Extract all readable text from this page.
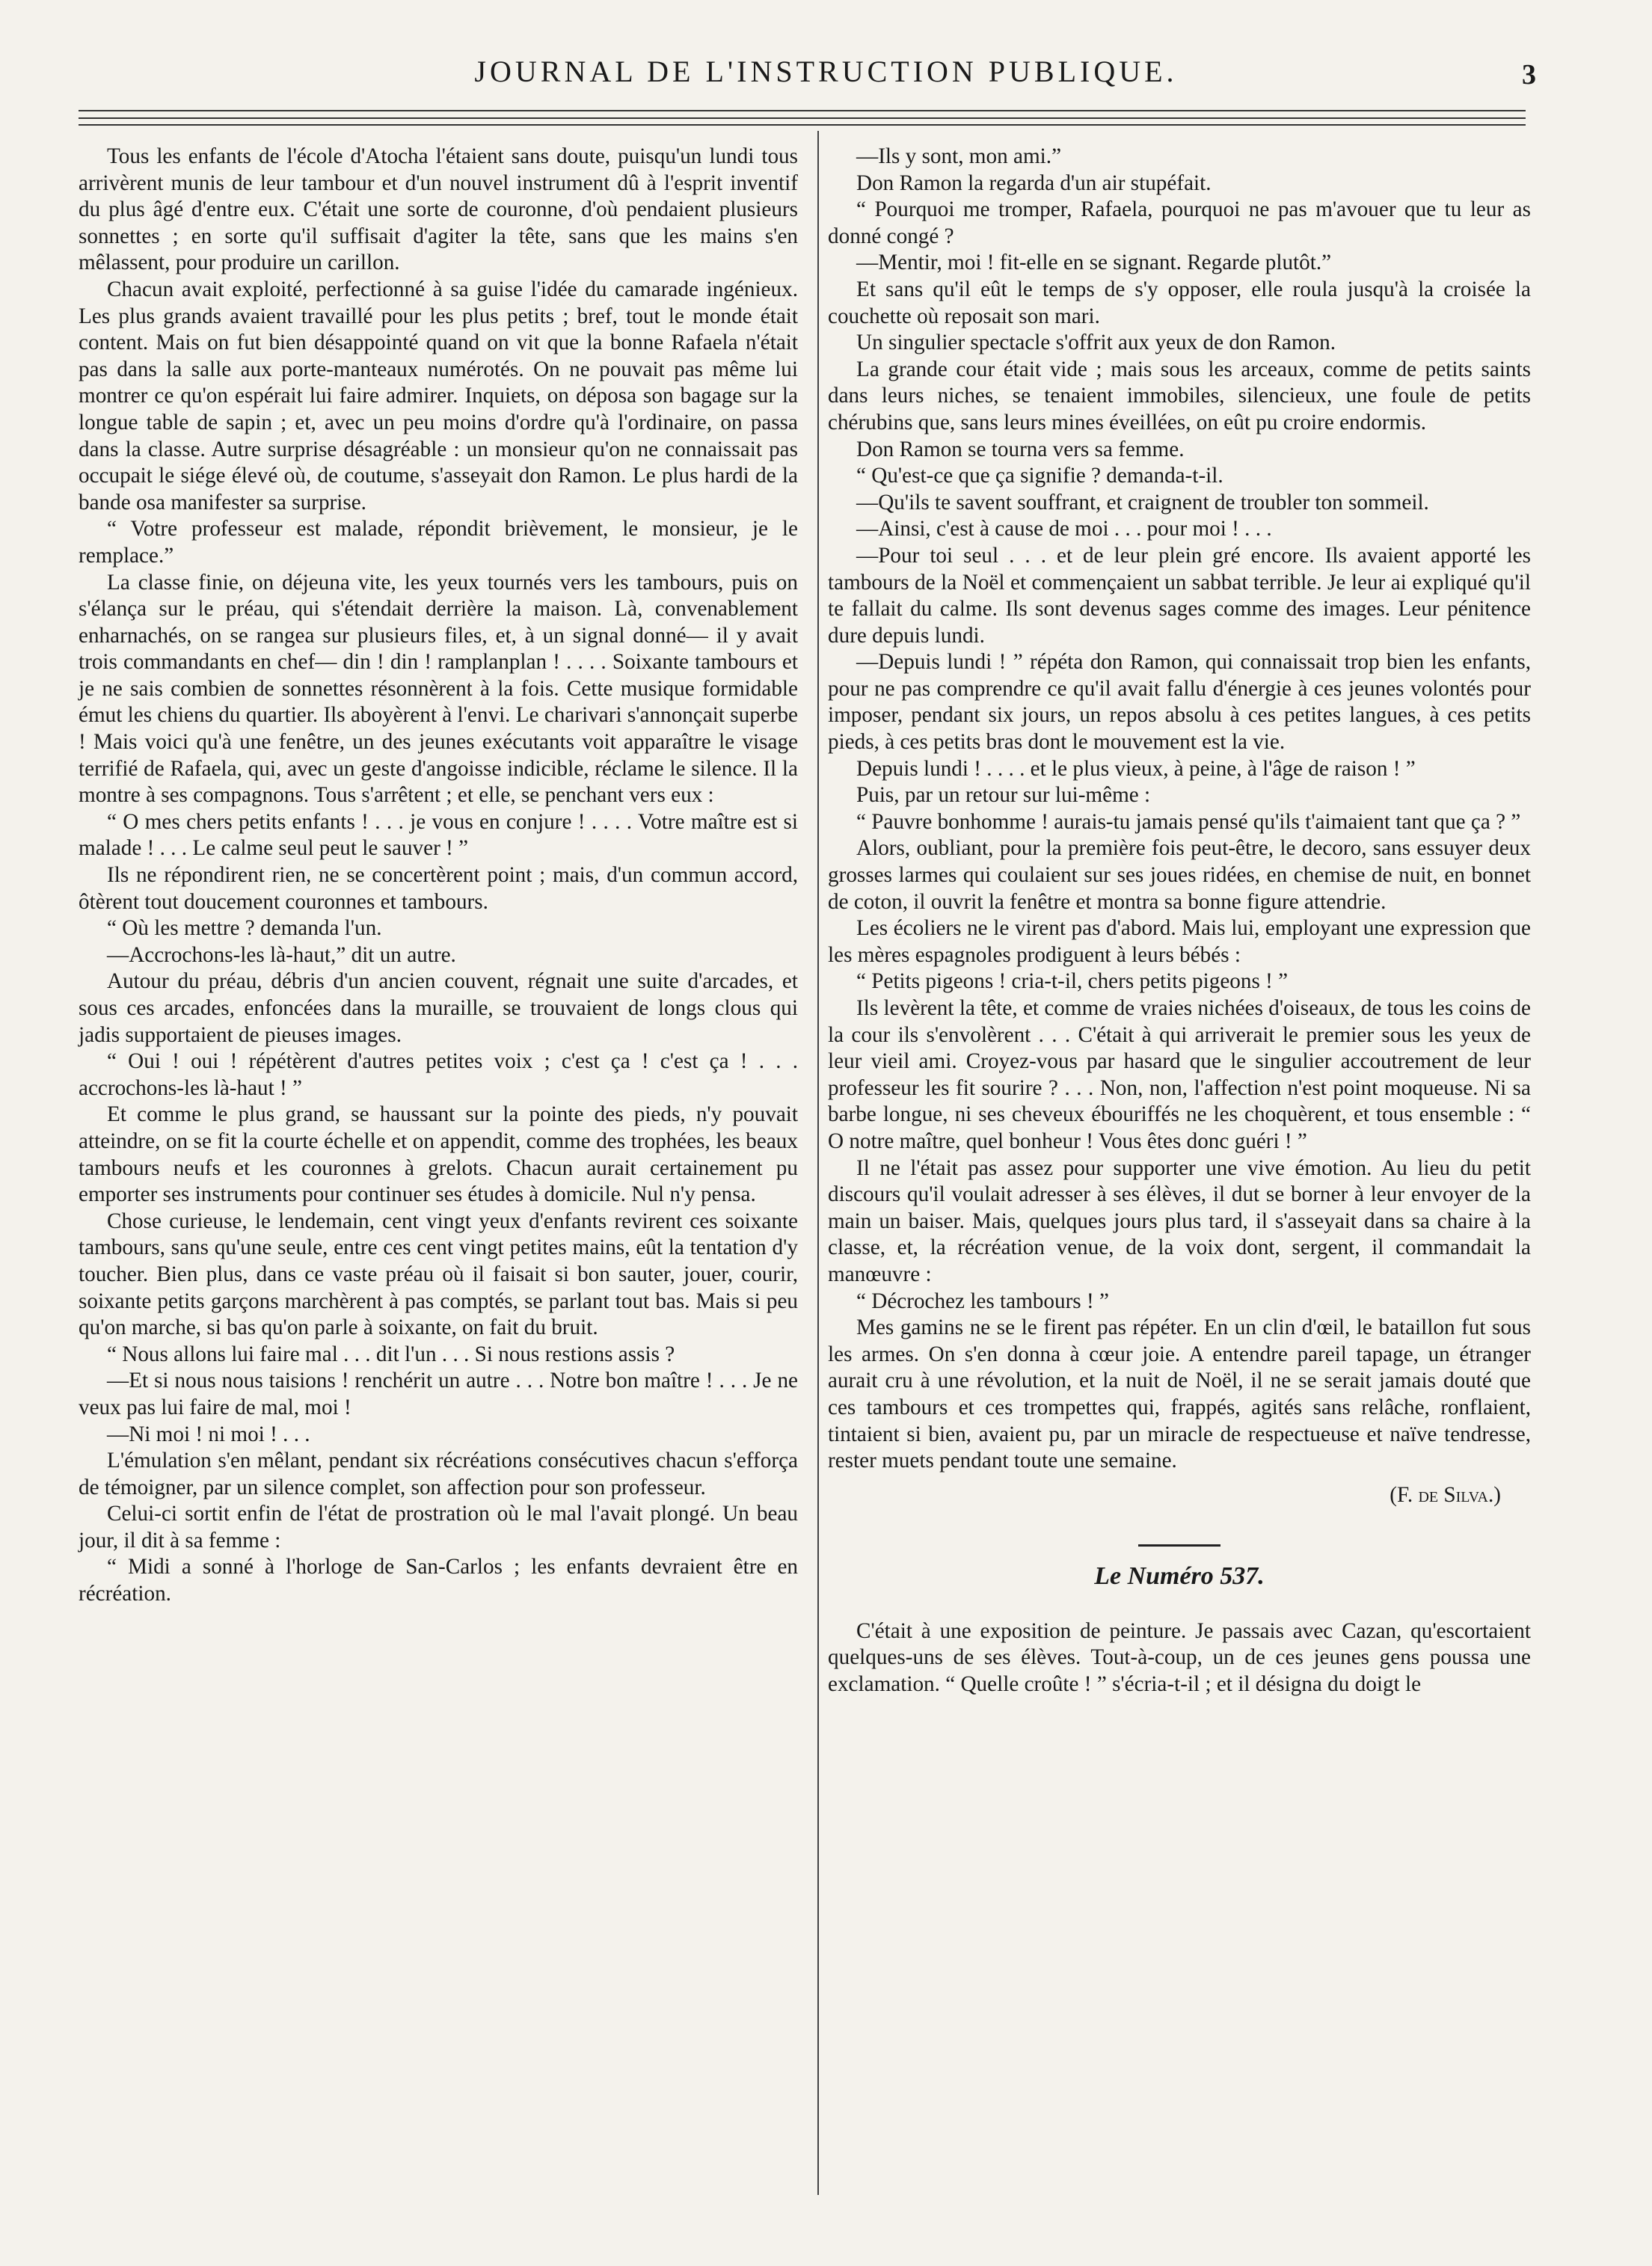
JOURNAL DE L'INSTRUCTION PUBLIQUE.	3

Tous les enfants de l'école d'Atocha l'étaient sans doute, puisqu'un lundi tous arrivèrent munis de leur tambour et d'un nouvel instrument dû à l'esprit inventif du plus âgé d'entre eux. C'était une sorte de couronne, d'où pendaient plusieurs sonnettes ; en sorte qu'il suffisait d'agiter la tête, sans que les mains s'en mêlassent, pour produire un carillon.

Chacun avait exploité, perfectionné à sa guise l'idée du camarade ingénieux. Les plus grands avaient travaillé pour les plus petits ; bref, tout le monde était content. Mais on fut bien désappointé quand on vit que la bonne Rafaela n'était pas dans la salle aux porte-manteaux numérotés. On ne pouvait pas même lui montrer ce qu'on espérait lui faire admirer. Inquiets, on déposa son bagage sur la longue table de sapin ; et, avec un peu moins d'ordre qu'à l'ordinaire, on passa dans la classe. Autre surprise désagréable : un monsieur qu'on ne connaissait pas occupait le siége élevé où, de coutume, s'asseyait don Ramon. Le plus hardi de la bande osa manifester sa surprise.

“ Votre professeur est malade, répondit brièvement, le monsieur, je le remplace.”

La classe finie, on déjeuna vite, les yeux tournés vers les tambours, puis on s'élança sur le préau, qui s'étendait derrière la maison. Là, convenablement enharnachés, on se rangea sur plusieurs files, et, à un signal donné— il y avait trois commandants en chef— din ! din ! ramplanplan ! . . . . Soixante tambours et je ne sais combien de sonnettes résonnèrent à la fois. Cette musique formidable émut les chiens du quartier. Ils aboyèrent à l'envi. Le charivari s'annonçait superbe ! Mais voici qu'à une fenêtre, un des jeunes exécutants voit apparaître le visage terrifié de Rafaela, qui, avec un geste d'angoisse indicible, réclame le silence. Il la montre à ses compagnons. Tous s'arrêtent ; et elle, se penchant vers eux :

“ O mes chers petits enfants ! . . . je vous en conjure ! . . . . Votre maître est si malade ! . . . Le calme seul peut le sauver ! ”

Ils ne répondirent rien, ne se concertèrent point ; mais, d'un commun accord, ôtèrent tout doucement couronnes et tambours.

“ Où les mettre ? demanda l'un.

—Accrochons-les là-haut,” dit un autre.

Autour du préau, débris d'un ancien couvent, régnait une suite d'arcades, et sous ces arcades, enfoncées dans la muraille, se trouvaient de longs clous qui jadis supportaient de pieuses images.

“ Oui ! oui ! répétèrent d'autres petites voix ; c'est ça ! c'est ça ! . . . accrochons-les là-haut ! ”

Et comme le plus grand, se haussant sur la pointe des pieds, n'y pouvait atteindre, on se fit la courte échelle et on appendit, comme des trophées, les beaux tambours neufs et les couronnes à grelots. Chacun aurait certainement pu emporter ses instruments pour continuer ses études à domicile. Nul n'y pensa.

Chose curieuse, le lendemain, cent vingt yeux d'enfants revirent ces soixante tambours, sans qu'une seule, entre ces cent vingt petites mains, eût la tentation d'y toucher. Bien plus, dans ce vaste préau où il faisait si bon sauter, jouer, courir, soixante petits garçons marchèrent à pas comptés, se parlant tout bas. Mais si peu qu'on marche, si bas qu'on parle à soixante, on fait du bruit.

“ Nous allons lui faire mal . . . dit l'un . . . Si nous restions assis ?

—Et si nous nous taisions ! renchérit un autre . . . Notre bon maître ! . . . Je ne veux pas lui faire de mal, moi !

—Ni moi ! ni moi ! . . .

L'émulation s'en mêlant, pendant six récréations consécutives chacun s'efforça de témoigner, par un silence complet, son affection pour son professeur.

Celui-ci sortit enfin de l'état de prostration où le mal l'avait plongé. Un beau jour, il dit à sa femme :

“ Midi a sonné à l'horloge de San-Carlos ; les enfants devraient être en récréation.

—Ils y sont, mon ami.”

Don Ramon la regarda d'un air stupéfait.

“ Pourquoi me tromper, Rafaela, pourquoi ne pas m'avouer que tu leur as donné congé ?

—Mentir, moi ! fit-elle en se signant. Regarde plutôt.”

Et sans qu'il eût le temps de s'y opposer, elle roula jusqu'à la croisée la couchette où reposait son mari.

Un singulier spectacle s'offrit aux yeux de don Ramon.

La grande cour était vide ; mais sous les arceaux, comme de petits saints dans leurs niches, se tenaient immobiles, silencieux, une foule de petits chérubins que, sans leurs mines éveillées, on eût pu croire endormis.

Don Ramon se tourna vers sa femme.

“ Qu'est-ce que ça signifie ? demanda-t-il.

—Qu'ils te savent souffrant, et craignent de troubler ton sommeil.

—Ainsi, c'est à cause de moi . . . pour moi ! . . .

—Pour toi seul . . . et de leur plein gré encore. Ils avaient apporté les tambours de la Noël et commençaient un sabbat terrible. Je leur ai expliqué qu'il te fallait du calme. Ils sont devenus sages comme des images. Leur pénitence dure depuis lundi.

—Depuis lundi ! ” répéta don Ramon, qui connaissait trop bien les enfants, pour ne pas comprendre ce qu'il avait fallu d'énergie à ces jeunes volontés pour imposer, pendant six jours, un repos absolu à ces petites langues, à ces petits pieds, à ces petits bras dont le mouvement est la vie.

Depuis lundi ! . . . . et le plus vieux, à peine, à l'âge de raison ! ”

Puis, par un retour sur lui-même :

“ Pauvre bonhomme ! aurais-tu jamais pensé qu'ils t'aimaient tant que ça ? ”

Alors, oubliant, pour la première fois peut-être, le decoro, sans essuyer deux grosses larmes qui coulaient sur ses joues ridées, en chemise de nuit, en bonnet de coton, il ouvrit la fenêtre et montra sa bonne figure attendrie.

Les écoliers ne le virent pas d'abord. Mais lui, employant une expression que les mères espagnoles prodiguent à leurs bébés :

“ Petits pigeons ! cria-t-il, chers petits pigeons ! ”

Ils levèrent la tête, et comme de vraies nichées d'oiseaux, de tous les coins de la cour ils s'envolèrent . . . C'était à qui arriverait le premier sous les yeux de leur vieil ami. Croyez-vous par hasard que le singulier accoutrement de leur professeur les fit sourire ? . . . Non, non, l'affection n'est point moqueuse. Ni sa barbe longue, ni ses cheveux ébouriffés ne les choquèrent, et tous ensemble : “ O notre maître, quel bonheur ! Vous êtes donc guéri ! ”

Il ne l'était pas assez pour supporter une vive émotion. Au lieu du petit discours qu'il voulait adresser à ses élèves, il dut se borner à leur envoyer de la main un baiser. Mais, quelques jours plus tard, il s'asseyait dans sa chaire à la classe, et, la récréation venue, de la voix dont, sergent, il commandait la manœuvre :

“ Décrochez les tambours ! ”

Mes gamins ne se le firent pas répéter. En un clin d'œil, le bataillon fut sous les armes. On s'en donna à cœur joie. A entendre pareil tapage, un étranger aurait cru à une révolution, et la nuit de Noël, il ne se serait jamais douté que ces tambours et ces trompettes qui, frappés, agités sans relâche, ronflaient, tintaient si bien, avaient pu, par un miracle de respectueuse et naïve tendresse, rester muets pendant toute une semaine.

(F. de Silva.)

Le Numéro 537.

C'était à une exposition de peinture. Je passais avec Cazan, qu'escortaient quelques-uns de ses élèves. Tout-à-coup, un de ces jeunes gens poussa une exclamation. “ Quelle croûte ! ” s'écria-t-il ; et il désigna du doigt le
